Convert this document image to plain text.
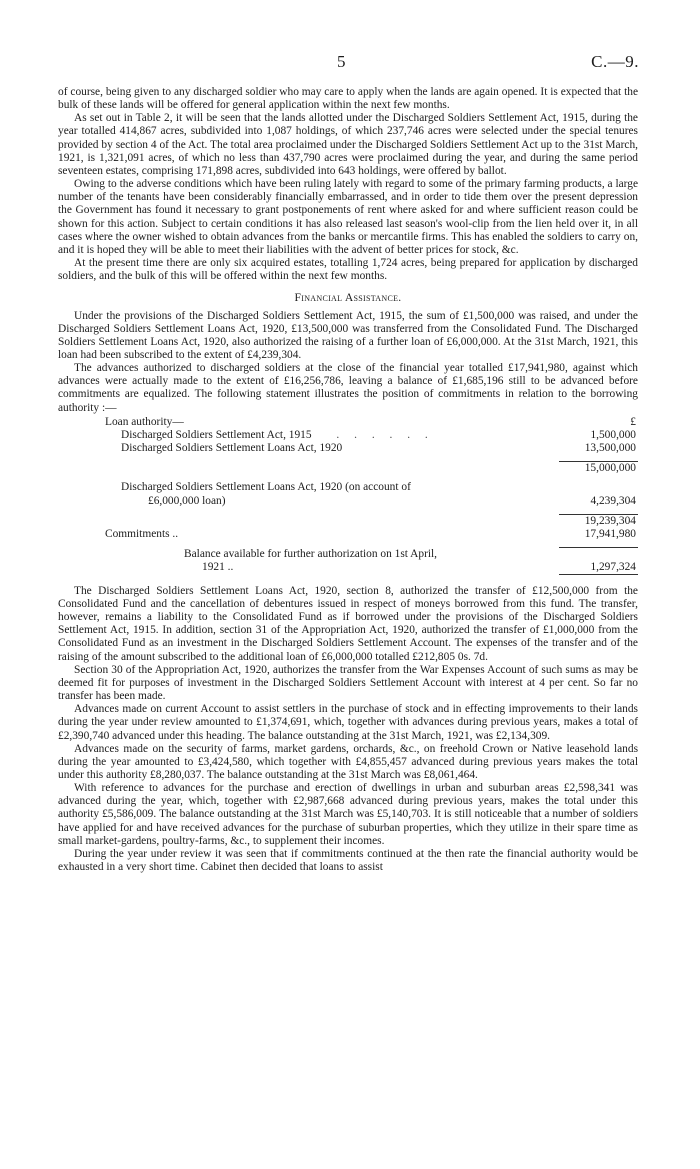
5	C.—9.

of course, being given to any discharged soldier who may care to apply when the lands are again opened. It is expected that the bulk of these lands will be offered for general application within the next few months.

As set out in Table 2, it will be seen that the lands allotted under the Discharged Soldiers Settlement Act, 1915, during the year totalled 414,867 acres, subdivided into 1,087 holdings, of which 237,746 acres were selected under the special tenures provided by section 4 of the Act. The total area proclaimed under the Discharged Soldiers Settlement Act up to the 31st March, 1921, is 1,321,091 acres, of which no less than 437,790 acres were proclaimed during the year, and during the same period seventeen estates, comprising 171,898 acres, subdivided into 643 holdings, were offered by ballot.

Owing to the adverse conditions which have been ruling lately with regard to some of the primary farming products, a large number of the tenants have been considerably financially embarrassed, and in order to tide them over the present depression the Government has found it necessary to grant postponements of rent where asked for and where sufficient reason could be shown for this action. Subject to certain conditions it has also released last season's wool-clip from the lien held over it, in all cases where the owner wished to obtain advances from the banks or mercantile firms. This has enabled the soldiers to carry on, and it is hoped they will be able to meet their liabilities with the advent of better prices for stock, &c.

At the present time there are only six acquired estates, totalling 1,724 acres, being prepared for application by discharged soldiers, and the bulk of this will be offered within the next few months.

Financial Assistance.

Under the provisions of the Discharged Soldiers Settlement Act, 1915, the sum of £1,500,000 was raised, and under the Discharged Soldiers Settlement Loans Act, 1920, £13,500,000 was transferred from the Consolidated Fund. The Discharged Soldiers Settlement Loans Act, 1920, also authorized the raising of a further loan of £6,000,000. At the 31st March, 1921, this loan had been subscribed to the extent of £4,239,304.

The advances authorized to discharged soldiers at the close of the financial year totalled £17,941,980, against which advances were actually made to the extent of £16,256,786, leaving a balance of £1,685,196 still to be advanced before commitments are equalized. The following statement illustrates the position of commitments in relation to the borrowing authority :—

Loan authority—	£
Discharged Soldiers Settlement Act, 1915 . . . . . .	1,500,000
Discharged Soldiers Settlement Loans Act, 1920	13,500,000

	15,000,000

Discharged Soldiers Settlement Loans Act, 1920 (on account of	
£6,000,000 loan)	4,239,304

	19,239,304
Commitments ..	17,941,980

Balance available for further authorization on 1st April,	
1921 ..	1,297,324

The Discharged Soldiers Settlement Loans Act, 1920, section 8, authorized the transfer of £12,500,000 from the Consolidated Fund and the cancellation of debentures issued in respect of moneys borrowed from this fund. The transfer, however, remains a liability to the Consolidated Fund as if borrowed under the provisions of the Discharged Soldiers Settlement Act, 1915. In addition, section 31 of the Appropriation Act, 1920, authorized the transfer of £1,000,000 from the Consolidated Fund as an investment in the Discharged Soldiers Settlement Account. The expenses of the transfer and of the raising of the amount subscribed to the additional loan of £6,000,000 totalled £212,805 0s. 7d.

Section 30 of the Appropriation Act, 1920, authorizes the transfer from the War Expenses Account of such sums as may be deemed fit for purposes of investment in the Discharged Soldiers Settlement Account with interest at 4 per cent. So far no transfer has been made.

Advances made on current Account to assist settlers in the purchase of stock and in effecting improvements to their lands during the year under review amounted to £1,374,691, which, together with advances during previous years, makes a total of £2,390,740 advanced under this heading. The balance outstanding at the 31st March, 1921, was £2,134,309.

Advances made on the security of farms, market gardens, orchards, &c., on freehold Crown or Native leasehold lands during the year amounted to £3,424,580, which together with £4,855,457 advanced during previous years makes the total under this authority £8,280,037. The balance outstanding at the 31st March was £8,061,464.

With reference to advances for the purchase and erection of dwellings in urban and suburban areas £2,598,341 was advanced during the year, which, together with £2,987,668 advanced during previous years, makes the total under this authority £5,586,009. The balance outstanding at the 31st March was £5,140,703. It is still noticeable that a number of soldiers have applied for and have received advances for the purchase of suburban properties, which they utilize in their spare time as small market-gardens, poultry-farms, &c., to supplement their incomes.

During the year under review it was seen that if commitments continued at the then rate the financial authority would be exhausted in a very short time. Cabinet then decided that loans to assist
